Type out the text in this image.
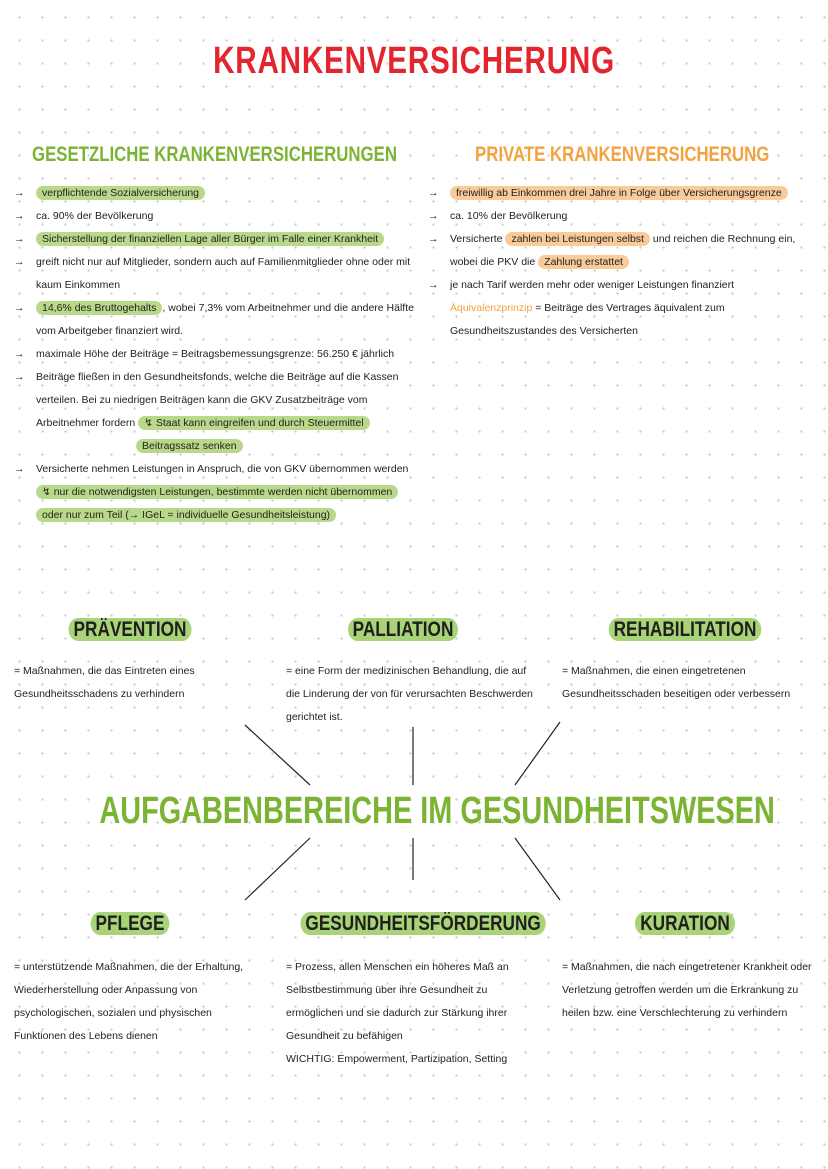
KRANKENVERSICHERUNG
GESETZLICHE KRANKENVERSICHERUNGEN	PRIVATE KRANKENVERSICHERUNG
→ verpflichtende Sozialversicherung
→ ca. 90% der Bevölkerung
→ Sicherstellung der finanziellen Lage aller Bürger im Falle einer Krankheit
→ greift nicht nur auf Mitglieder, sondern auch auf Familienmitglieder ohne oder mit kaum Einkommen
→ 14,6% des Bruttogehalts , wobei 7,3% vom Arbeitnehmer und die andere Hälfte vom Arbeitgeber finanziert wird.
→ maximale Höhe der Beiträge = Beitragsbemessungsgrenze: 56.250 € jährlich
→ Beiträge fließen in den Gesundheitsfonds, welche die Beiträge auf die Kassen verteilen. Bei zu niedrigen Beiträgen kann die GKV Zusatzbeiträge vom Arbeitnehmer fordern ↯ Staat kann eingreifen und durch Steuermittel
Beitragssatz senken
→ Versicherte nehmen Leistungen in Anspruch, die von GKV übernommen werden
↯ nur die notwendigsten Leistungen, bestimmte werden nicht übernommen
oder nur zum Teil (→ IGeL = individuelle Gesundheitsleistung)
→ freiwillig ab Einkommen drei Jahre in Folge über Versicherungsgrenze
→ ca. 10% der Bevölkerung
→ Versicherte zahlen bei Leistungen selbst und reichen die Rechnung ein, wobei die PKV die Zahlung erstattet
→ je nach Tarif werden mehr oder weniger Leistungen finanziert
Äquivalenzprinzip = Beiträge des Vertrages äquivalent zum Gesundheitszustandes des Versicherten
PRÄVENTION
= Maßnahmen, die das Eintreten eines Gesundheitsschadens zu verhindern
PALLIATION
= eine Form der medizinischen Behandlung, die auf die Linderung der von für verursachten Beschwerden gerichtet ist.
REHABILITATION
= Maßnahmen, die einen eingetretenen Gesundheitsschaden beseitigen oder verbessern
AUFGABENBEREICHE IM GESUNDHEITSWESEN
PFLEGE
= unterstützende Maßnahmen, die der Erhaltung, Wiederherstellung oder Anpassung von psychologischen, sozialen und physischen Funktionen des Lebens dienen
GESUNDHEITSFÖRDERUNG
= Prozess, allen Menschen ein höheres Maß an Selbstbestimmung über ihre Gesundheit zu ermöglichen und sie dadurch zur Stärkung ihrer Gesundheit zu befähigen
WICHTIG: Empowerment, Partizipation, Setting
KURATION
= Maßnahmen, die nach eingetretener Krankheit oder Verletzung getroffen werden um die Erkrankung zu heilen bzw. eine Verschlechterung zu verhindern
